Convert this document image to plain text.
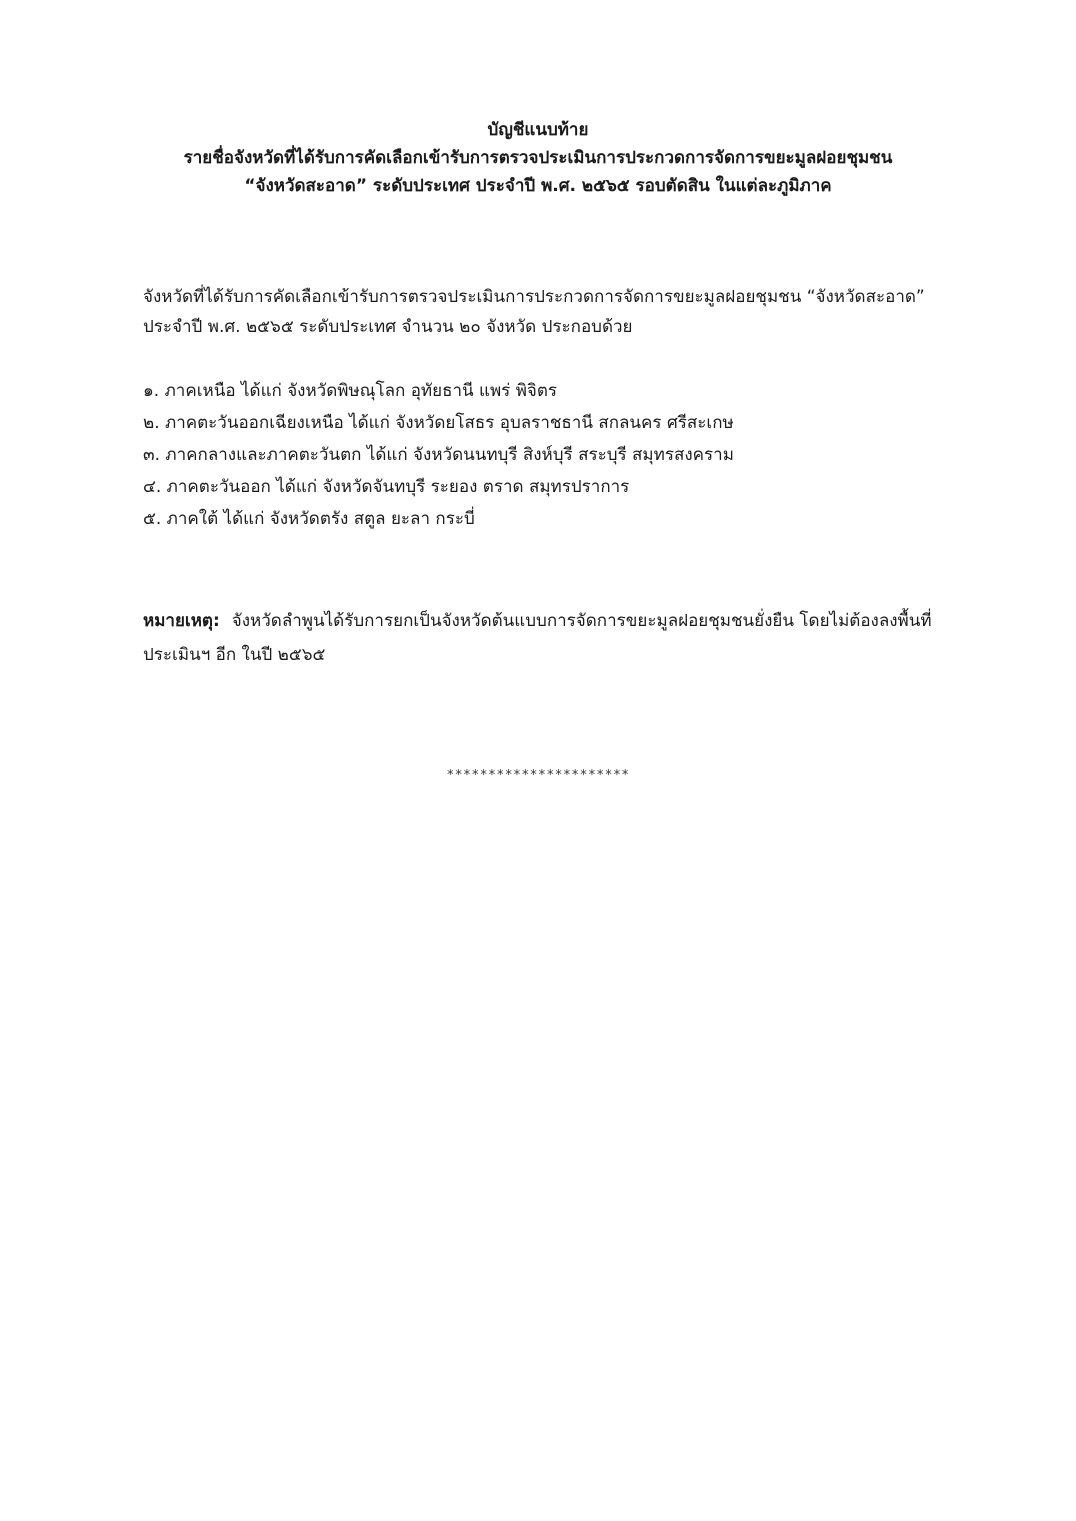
บัญชีแนบท้าย
รายชื่อจังหวัดที่ได้รับการคัดเลือกเข้ารับการตรวจประเมินการประกวดการจัดการขยะมูลฝอยชุมชน
“จังหวัดสะอาด” ระดับประเทศ ประจำปี พ.ศ. ๒๕๖๕ รอบตัดสิน ในแต่ละภูมิภาค
จังหวัดที่ได้รับการคัดเลือกเข้ารับการตรวจประเมินการประกวดการจัดการขยะมูลฝอยชุมชน “จังหวัดสะอาด”
ประจำปี พ.ศ. ๒๕๖๕ ระดับประเทศ จำนวน ๒๐ จังหวัด ประกอบด้วย
๑. ภาคเหนือ ได้แก่ จังหวัดพิษณุโลก อุทัยธานี แพร่ พิจิตร
๒. ภาคตะวันออกเฉียงเหนือ ได้แก่ จังหวัดยโสธร อุบลราชธานี สกลนคร ศรีสะเกษ
๓. ภาคกลางและภาคตะวันตก ได้แก่ จังหวัดนนทบุรี สิงห์บุรี สระบุรี สมุทรสงคราม
๔. ภาคตะวันออก ได้แก่ จังหวัดจันทบุรี ระยอง ตราด สมุทรปราการ
๕. ภาคใต้ ได้แก่ จังหวัดตรัง สตูล ยะลา กระบี่
หมายเหตุ: จังหวัดลำพูนได้รับการยกเป็นจังหวัดต้นแบบการจัดการขยะมูลฝอยชุมชนยั่งยืน โดยไม่ต้องลงพื้นที่
ประเมินฯ อีก ในปี ๒๕๖๕
**********************
